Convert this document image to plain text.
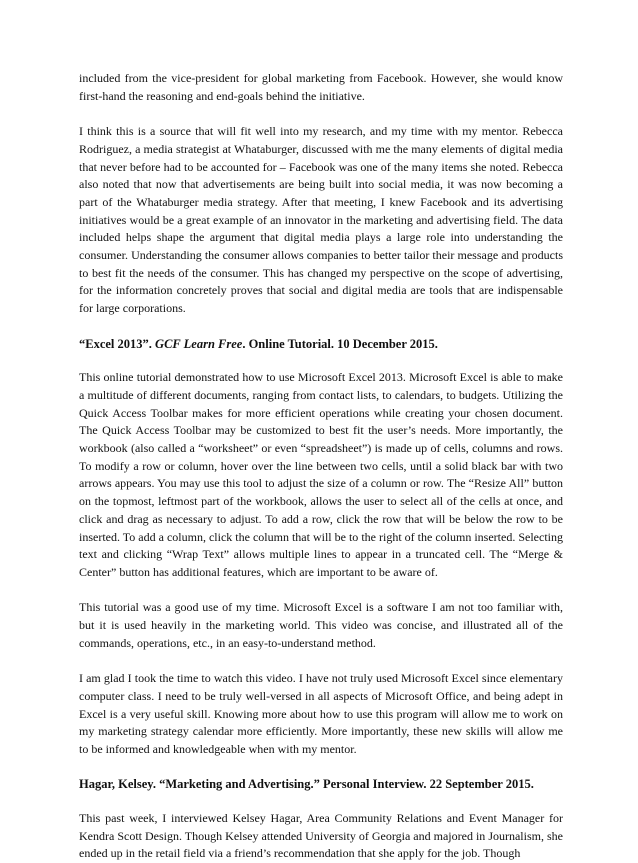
included from the vice-president for global marketing from Facebook. However, she would know first-hand the reasoning and end-goals behind the initiative.

I think this is a source that will fit well into my research, and my time with my mentor. Rebecca Rodriguez, a media strategist at Whataburger, discussed with me the many elements of digital media that never before had to be accounted for – Facebook was one of the many items she noted. Rebecca also noted that now that advertisements are being built into social media, it was now becoming a part of the Whataburger media strategy. After that meeting, I knew Facebook and its advertising initiatives would be a great example of an innovator in the marketing and advertising field. The data included helps shape the argument that digital media plays a large role into understanding the consumer. Understanding the consumer allows companies to better tailor their message and products to best fit the needs of the consumer. This has changed my perspective on the scope of advertising, for the information concretely proves that social and digital media are tools that are indispensable for large corporations.

“Excel 2013”. GCF Learn Free. Online Tutorial. 10 December 2015.

This online tutorial demonstrated how to use Microsoft Excel 2013. Microsoft Excel is able to make a multitude of different documents, ranging from contact lists, to calendars, to budgets. Utilizing the Quick Access Toolbar makes for more efficient operations while creating your chosen document. The Quick Access Toolbar may be customized to best fit the user’s needs. More importantly, the workbook (also called a “worksheet” or even “spreadsheet”) is made up of cells, columns and rows. To modify a row or column, hover over the line between two cells, until a solid black bar with two arrows appears. You may use this tool to adjust the size of a column or row. The “Resize All” button on the topmost, leftmost part of the workbook, allows the user to select all of the cells at once, and click and drag as necessary to adjust. To add a row, click the row that will be below the row to be inserted. To add a column, click the column that will be to the right of the column inserted. Selecting text and clicking “Wrap Text” allows multiple lines to appear in a truncated cell. The “Merge & Center” button has additional features, which are important to be aware of.

This tutorial was a good use of my time. Microsoft Excel is a software I am not too familiar with, but it is used heavily in the marketing world. This video was concise, and illustrated all of the commands, operations, etc., in an easy-to-understand method.

I am glad I took the time to watch this video. I have not truly used Microsoft Excel since elementary computer class. I need to be truly well-versed in all aspects of Microsoft Office, and being adept in Excel is a very useful skill. Knowing more about how to use this program will allow me to work on my marketing strategy calendar more efficiently. More importantly, these new skills will allow me to be informed and knowledgeable when with my mentor.

Hagar, Kelsey. “Marketing and Advertising.” Personal Interview. 22 September 2015.

This past week, I interviewed Kelsey Hagar, Area Community Relations and Event Manager for Kendra Scott Design. Though Kelsey attended University of Georgia and majored in Journalism, she ended up in the retail field via a friend’s recommendation that she apply for the job. Though
